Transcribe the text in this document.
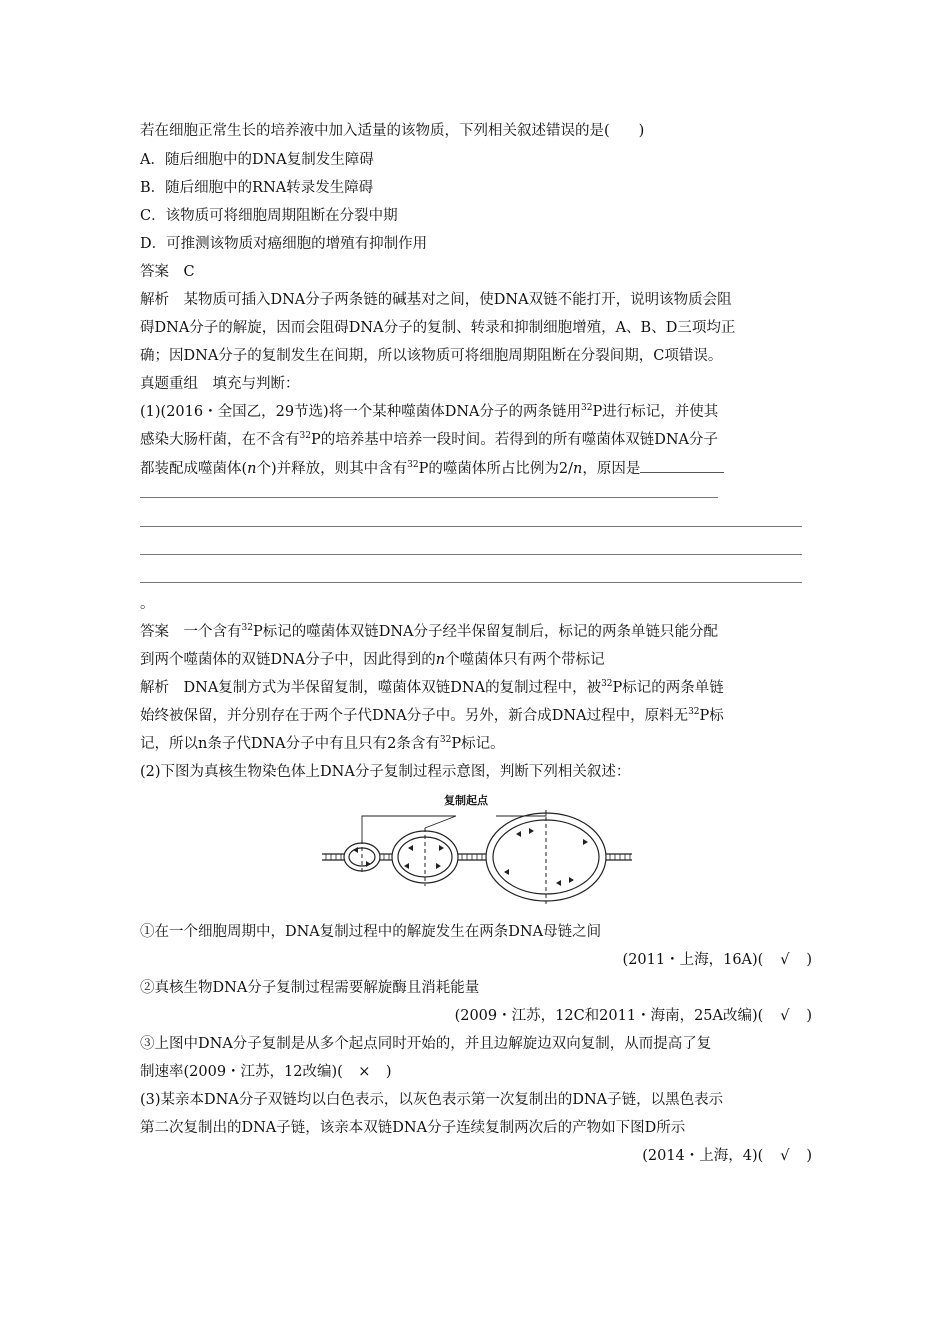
若在细胞正常生长的培养液中加入适量的该物质，下列相关叙述错误的是(　　)
A．随后细胞中的DNA复制发生障碍
B．随后细胞中的RNA转录发生障碍
C．该物质可将细胞周期阻断在分裂中期
D．可推测该物质对癌细胞的增殖有抑制作用
答案　C
解析　某物质可插入DNA分子两条链的碱基对之间，使DNA双链不能打开，说明该物质会阻
碍DNA分子的解旋，因而会阻碍DNA分子的复制、转录和抑制细胞增殖，A、B、D三项均正
确；因DNA分子的复制发生在间期，所以该物质可将细胞周期阻断在分裂间期，C项错误。
真题重组　填充与判断：
(1)(2016・全国乙，29节选)将一个某种噬菌体DNA分子的两条链用$^{32}$P进行标记，并使其
感染大肠杆菌，在不含有$^{32}$P的培养基中培养一段时间。若得到的所有噬菌体双链DNA分子
都装配成噬菌体(n个)并释放，则其中含有$^{32}$P的噬菌体所占比例为2/n，原因是
。
答案　一个含有$^{32}$P标记的噬菌体双链DNA分子经半保留复制后，标记的两条单链只能分配
到两个噬菌体的双链DNA分子中，因此得到的n个噬菌体只有两个带标记
解析　DNA复制方式为半保留复制，噬菌体双链DNA的复制过程中，被$^{32}$P标记的两条单链
始终被保留，并分别存在于两个子代DNA分子中。另外，新合成DNA过程中，原料无$^{32}$P标
记，所以n条子代DNA分子中有且只有2条含有$^{32}$P标记。
(2)下图为真核生物染色体上DNA分子复制过程示意图，判断下列相关叙述：
复制起点
①在一个细胞周期中，DNA复制过程中的解旋发生在两条DNA母链之间
(2011・上海，16A)(　√　)
②真核生物DNA分子复制过程需要解旋酶且消耗能量
(2009・江苏，12C和2011・海南，25A改编)(　√　)
③上图中DNA分子复制是从多个起点同时开始的，并且边解旋边双向复制，从而提高了复
制速率(2009・江苏，12改编)(　×　)
(3)某亲本DNA分子双链均以白色表示，以灰色表示第一次复制出的DNA子链，以黑色表示
第二次复制出的DNA子链，该亲本双链DNA分子连续复制两次后的产物如下图D所示
(2014・上海，4)(　√　)
